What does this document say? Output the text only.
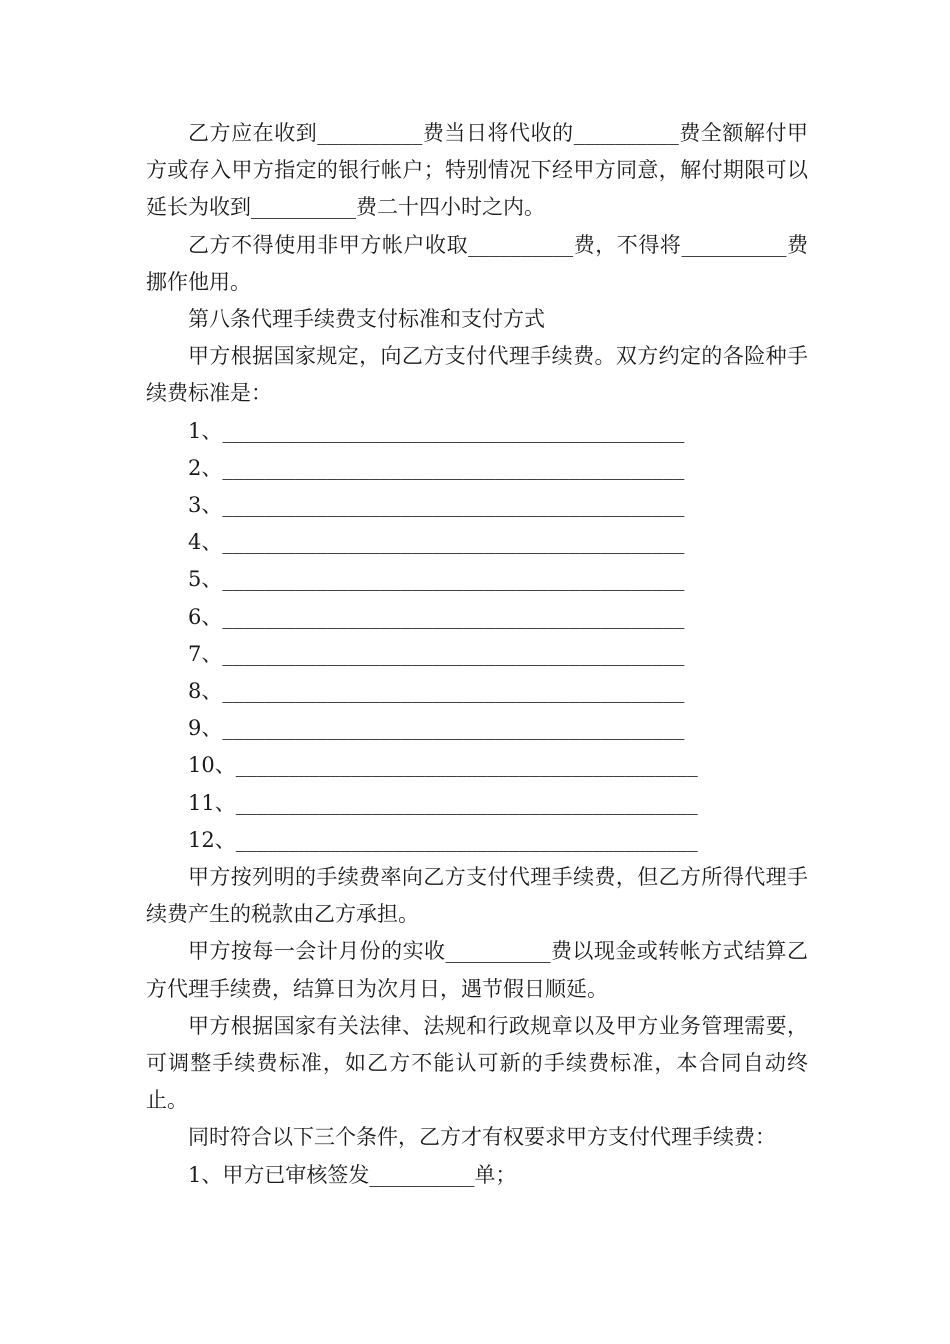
乙方应在收到__________费当日将代收的__________费全额解付甲方或存入甲方指定的银行帐户；特别情况下经甲方同意，解付期限可以延长为收到__________费二十四小时之内。

乙方不得使用非甲方帐户收取__________费，不得将__________费挪作他用。

第八条代理手续费支付标准和支付方式

甲方根据国家规定，向乙方支付代理手续费。双方约定的各险种手续费标准是：

1、____________________________________________

2、____________________________________________

3、____________________________________________

4、____________________________________________

5、____________________________________________

6、____________________________________________

7、____________________________________________

8、____________________________________________

9、____________________________________________

10、____________________________________________

11、____________________________________________

12、____________________________________________

甲方按列明的手续费率向乙方支付代理手续费，但乙方所得代理手续费产生的税款由乙方承担。

甲方按每一会计月份的实收__________费以现金或转帐方式结算乙方代理手续费，结算日为次月日，遇节假日顺延。

甲方根据国家有关法律、法规和行政规章以及甲方业务管理需要，可调整手续费标准，如乙方不能认可新的手续费标准，本合同自动终止。

同时符合以下三个条件，乙方才有权要求甲方支付代理手续费：

1、甲方已审核签发__________单；
